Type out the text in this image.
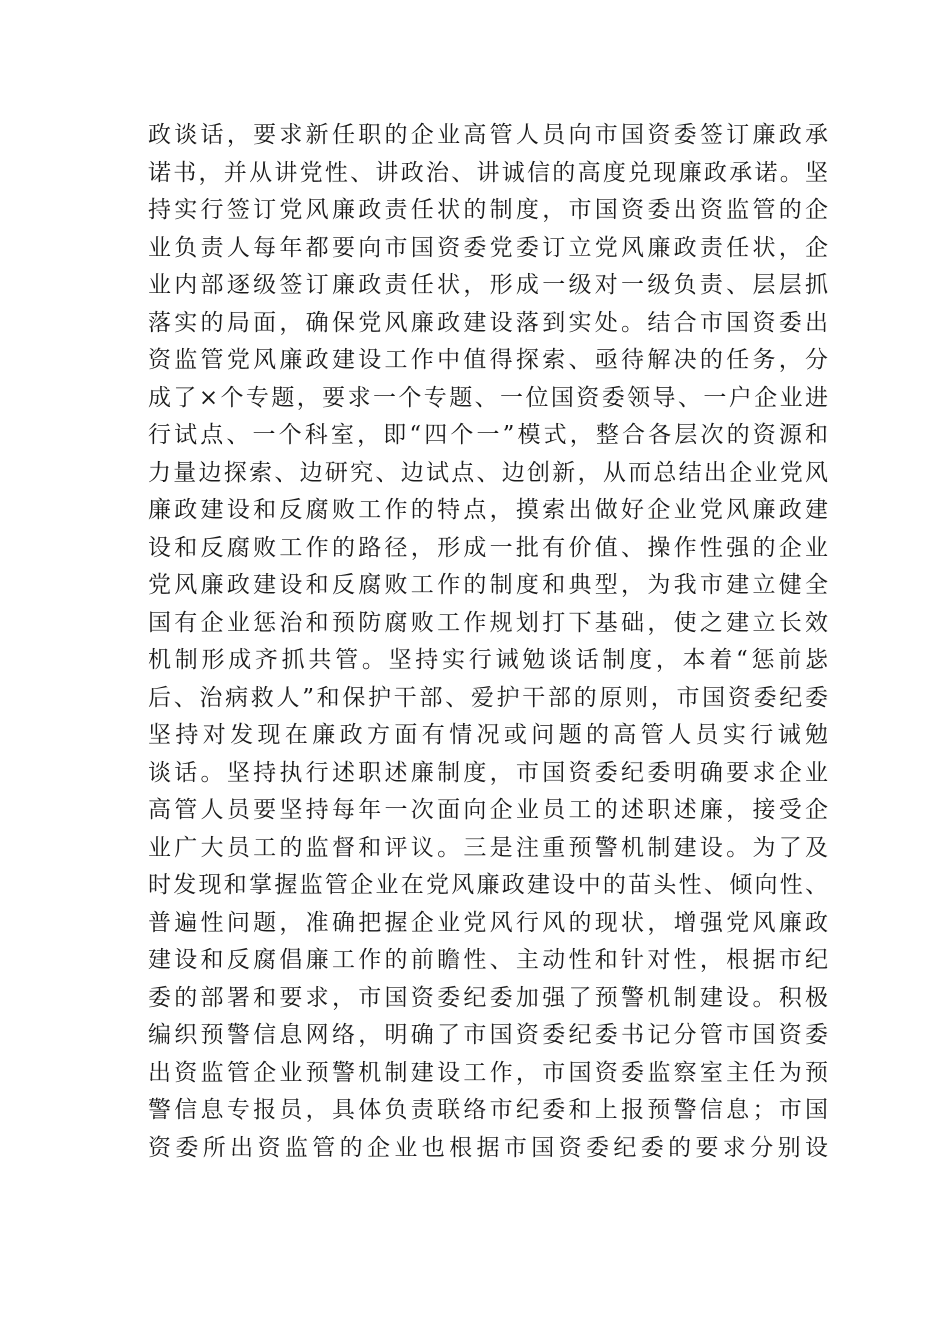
政谈话，要求新任职的企业高管人员向市国资委签订廉政承
诺书，并从讲党性、讲政治、讲诚信的高度兑现廉政承诺。坚
持实行签订党风廉政责任状的制度，市国资委出资监管的企
业负责人每年都要向市国资委党委订立党风廉政责任状，企
业内部逐级签订廉政责任状，形成一级对一级负责、层层抓
落实的局面，确保党风廉政建设落到实处。结合市国资委出
资监管党风廉政建设工作中值得探索、亟待解决的任务，分
成了×个专题，要求一个专题、一位国资委领导、一户企业进
行试点、一个科室，即“四个一”模式，整合各层次的资源和
力量边探索、边研究、边试点、边创新，从而总结出企业党风
廉政建设和反腐败工作的特点，摸索出做好企业党风廉政建
设和反腐败工作的路径，形成一批有价值、操作性强的企业
党风廉政建设和反腐败工作的制度和典型，为我市建立健全
国有企业惩治和预防腐败工作规划打下基础，使之建立长效
机制形成齐抓共管。坚持实行诫勉谈话制度，本着“惩前毖
后、治病救人”和保护干部、爱护干部的原则，市国资委纪委
坚持对发现在廉政方面有情况或问题的高管人员实行诫勉
谈话。坚持执行述职述廉制度，市国资委纪委明确要求企业
高管人员要坚持每年一次面向企业员工的述职述廉，接受企
业广大员工的监督和评议。三是注重预警机制建设。为了及
时发现和掌握监管企业在党风廉政建设中的苗头性、倾向性、
普遍性问题，准确把握企业党风行风的现状，增强党风廉政
建设和反腐倡廉工作的前瞻性、主动性和针对性，根据市纪
委的部署和要求，市国资委纪委加强了预警机制建设。积极
编织预警信息网络，明确了市国资委纪委书记分管市国资委
出资监管企业预警机制建设工作，市国资委监察室主任为预
警信息专报员，具体负责联络市纪委和上报预警信息；市国
资委所出资监管的企业也根据市国资委纪委的要求分别设
